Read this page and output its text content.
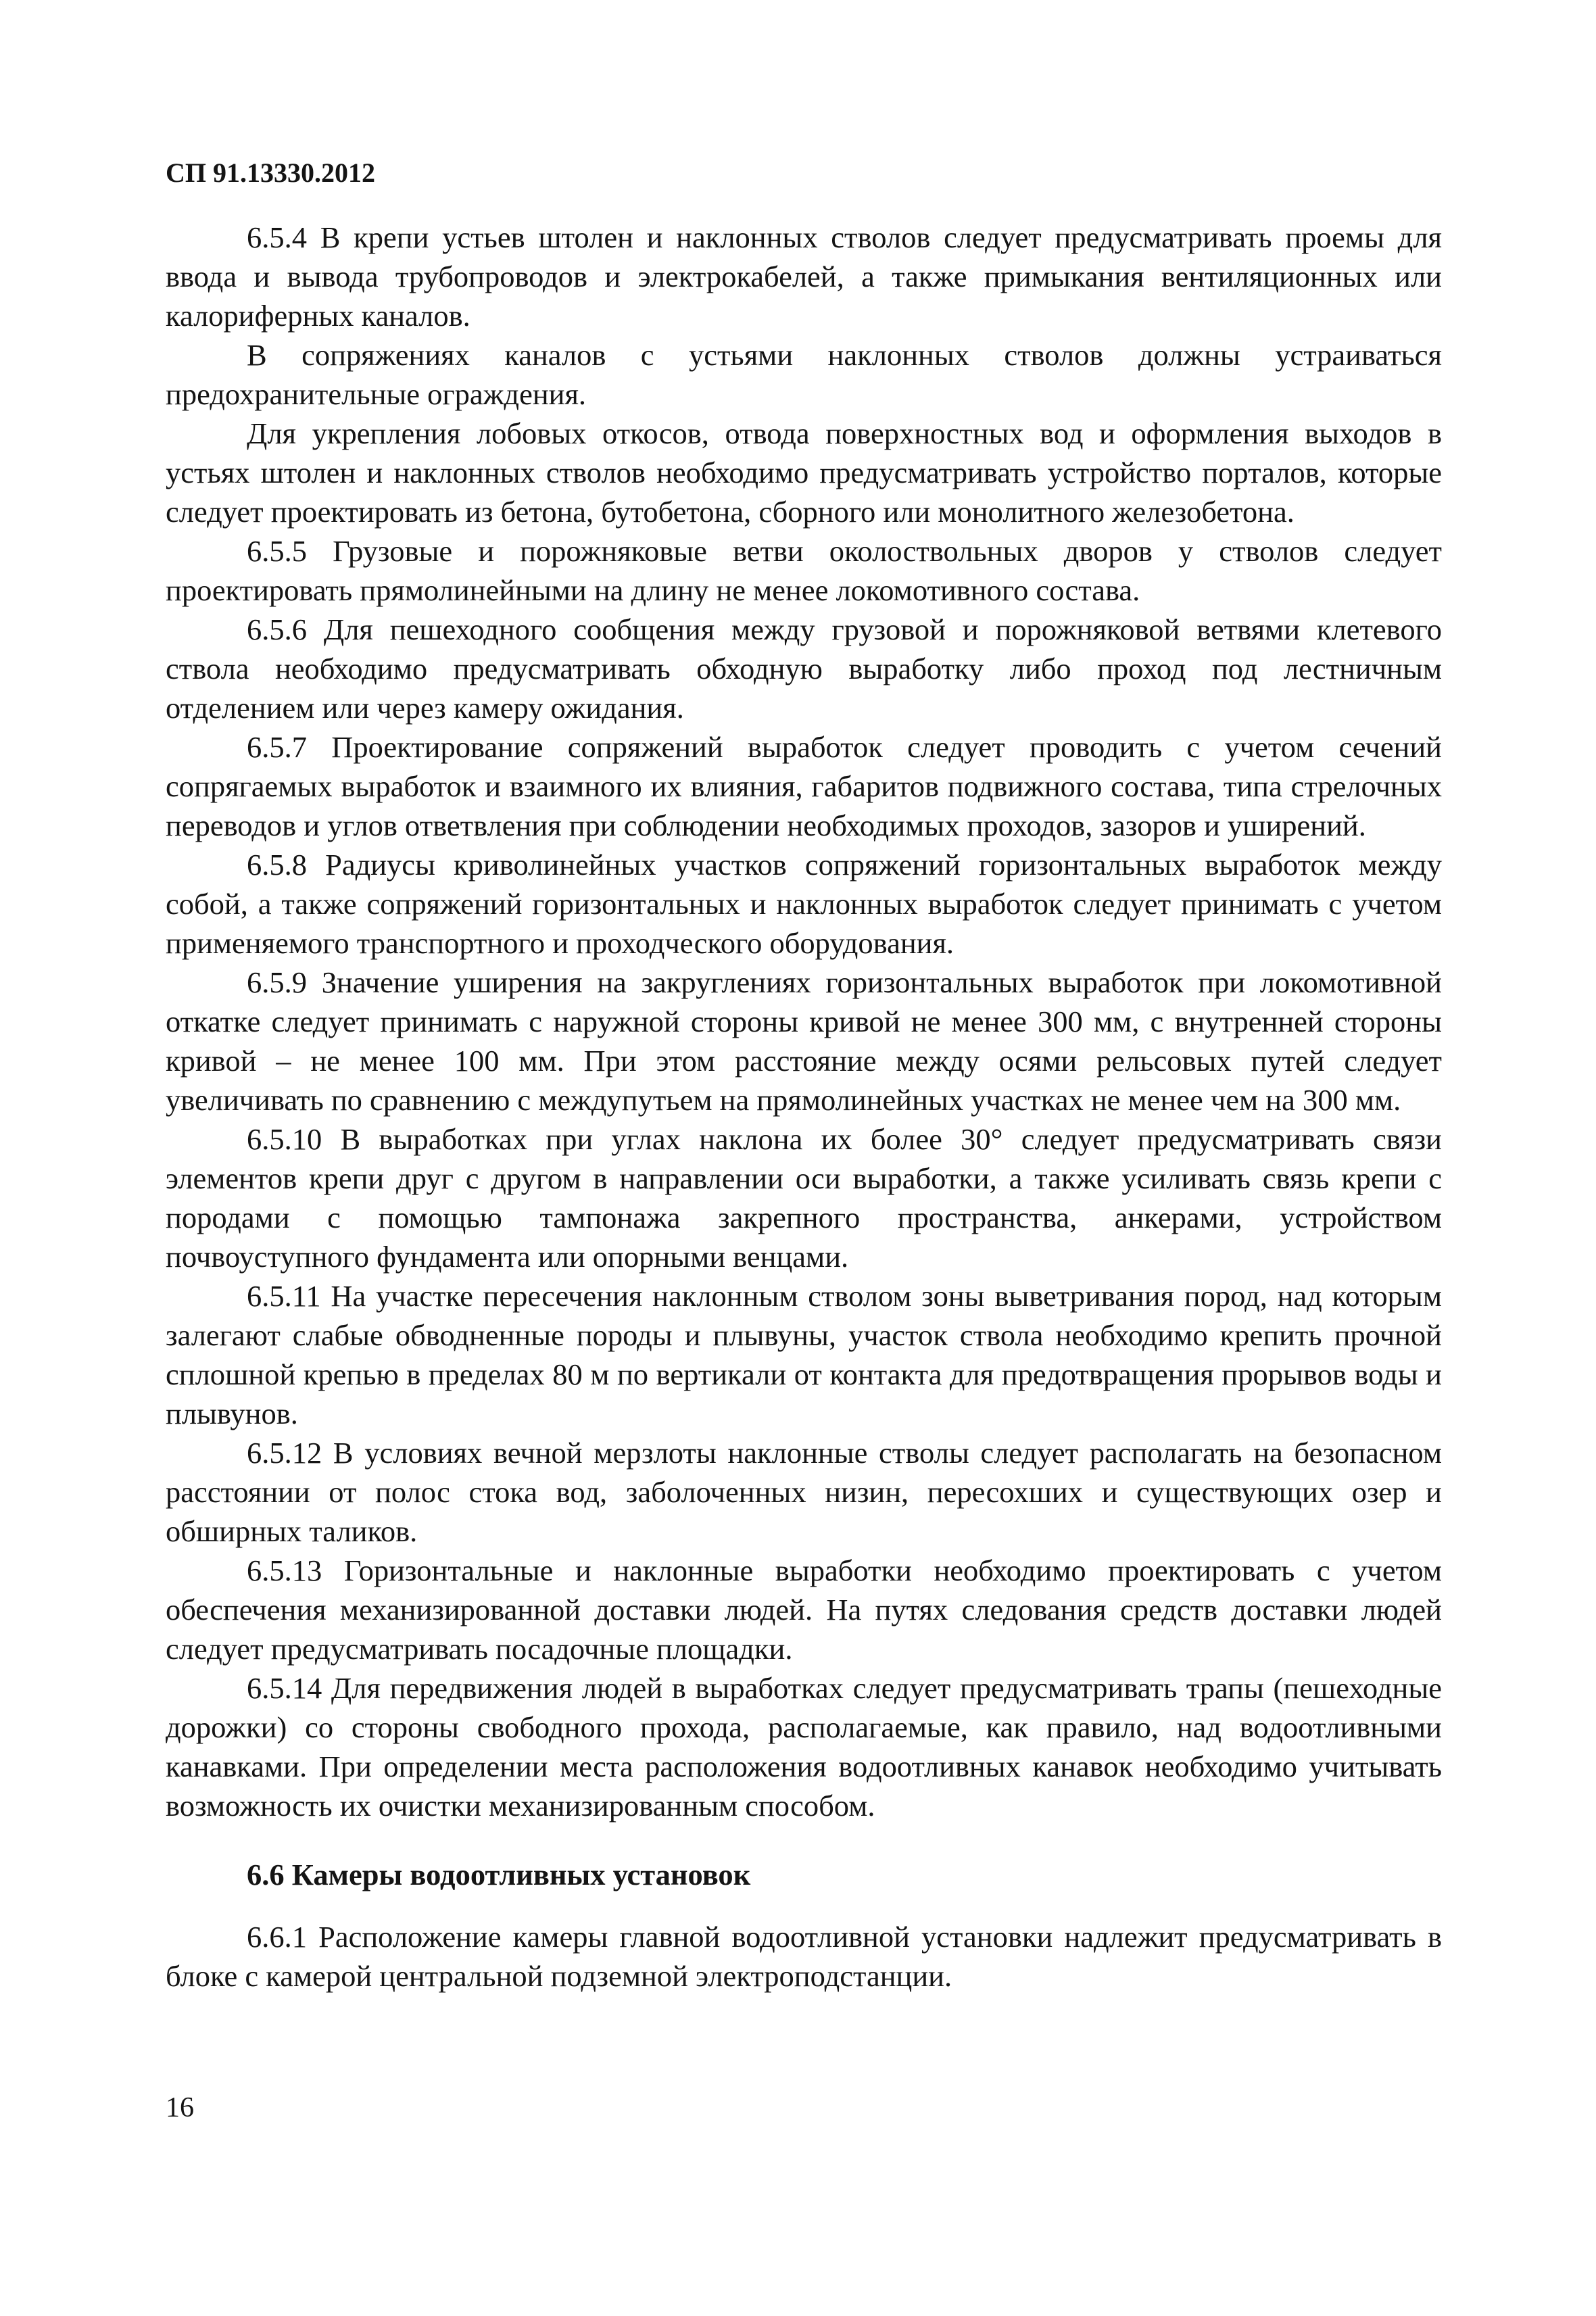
СП 91.13330.2012

6.5.4 В крепи устьев штолен и наклонных стволов следует предусматривать проемы для ввода и вывода трубопроводов и электрокабелей, а также примыкания вентиляционных или калориферных каналов.

В сопряжениях каналов с устьями наклонных стволов должны устраиваться предохранительные ограждения.

Для укрепления лобовых откосов, отвода поверхностных вод и оформления выходов в устьях штолен и наклонных стволов необходимо предусматривать устройство порталов, которые следует проектировать из бетона, бутобетона, сборного или монолитного железобетона.

6.5.5 Грузовые и порожняковые ветви околоствольных дворов у стволов следует проектировать прямолинейными на длину не менее локомотивного состава.

6.5.6 Для пешеходного сообщения между грузовой и порожняковой ветвями клетевого ствола необходимо предусматривать обходную выработку либо проход под лестничным отделением или через камеру ожидания.

6.5.7 Проектирование сопряжений выработок следует проводить с учетом сечений сопрягаемых выработок и взаимного их влияния, габаритов подвижного состава, типа стрелочных переводов и углов ответвления при соблюдении необходимых проходов, зазоров и уширений.

6.5.8 Радиусы криволинейных участков сопряжений горизонтальных выработок между собой, а также сопряжений горизонтальных и наклонных выработок следует принимать с учетом применяемого транспортного и проходческого оборудования.

6.5.9 Значение уширения на закруглениях горизонтальных выработок при локомотивной откатке следует принимать с наружной стороны кривой не менее 300 мм, с внутренней стороны кривой – не менее 100 мм. При этом расстояние между осями рельсовых путей следует увеличивать по сравнению с междупутьем на прямолинейных участках не менее чем на 300 мм.

6.5.10 В выработках при углах наклона их более 30° следует предусматривать связи элементов крепи друг с другом в направлении оси выработки, а также усиливать связь крепи с породами с помощью тампонажа закрепного пространства, анкерами, устройством почвоуступного фундамента или опорными венцами.

6.5.11 На участке пересечения наклонным стволом зоны выветривания пород, над которым залегают слабые обводненные породы и плывуны, участок ствола необходимо крепить прочной сплошной крепью в пределах 80 м по вертикали от контакта для предотвращения прорывов воды и плывунов.

6.5.12 В условиях вечной мерзлоты наклонные стволы следует располагать на безопасном расстоянии от полос стока вод, заболоченных низин, пересохших и существующих озер и обширных таликов.

6.5.13 Горизонтальные и наклонные выработки необходимо проектировать с учетом обеспечения механизированной доставки людей. На путях следования средств доставки людей следует предусматривать посадочные площадки.

6.5.14 Для передвижения людей в выработках следует предусматривать трапы (пешеходные дорожки) со стороны свободного прохода, располагаемые, как правило, над водоотливными канавками. При определении места расположения водоотливных канавок необходимо учитывать возможность их очистки механизированным способом.

6.6 Камеры водоотливных установок

6.6.1 Расположение камеры главной водоотливной установки надлежит предусматривать в блоке с камерой центральной подземной электроподстанции.

16
